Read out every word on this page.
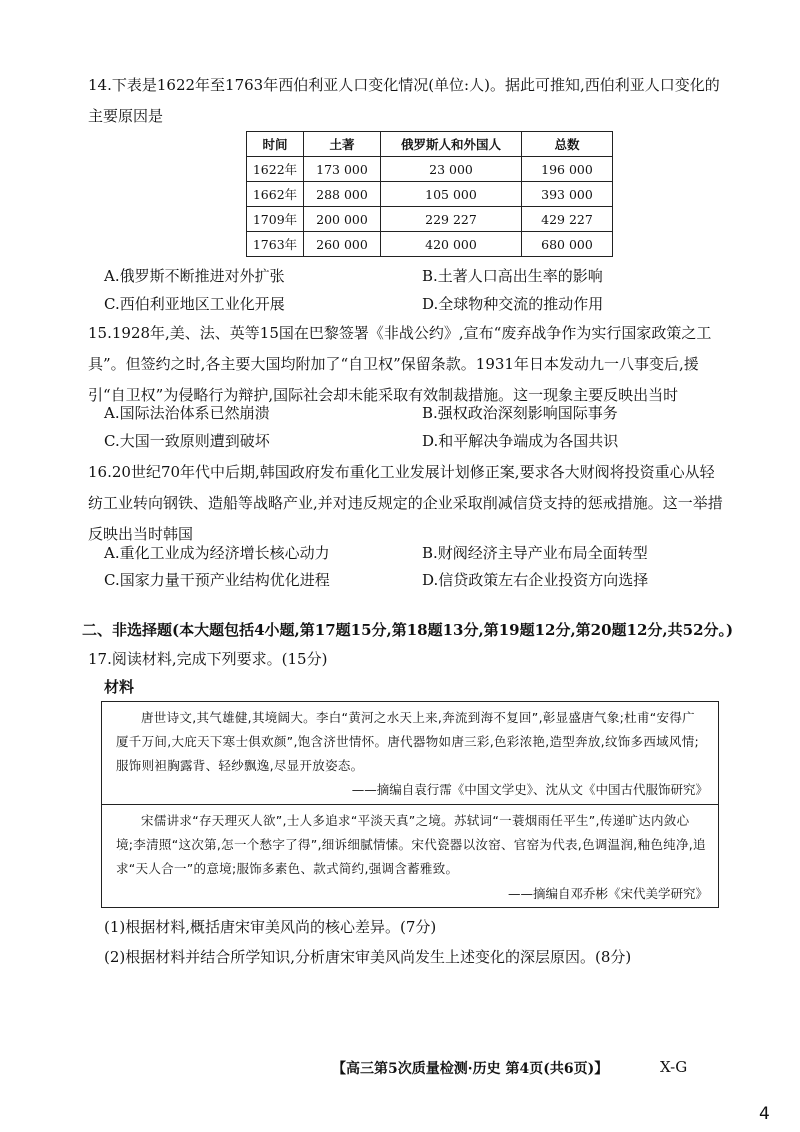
14.下表是1622年至1763年西伯利亚人口变化情况(单位:人)。据此可推知,西伯利亚人口变化的主要原因是

时间	土著	俄罗斯人和外国人	总数
1622年	173 000	23 000	196 000
1662年	288 000	105 000	393 000
1709年	200 000	229 227	429 227
1763年	260 000	420 000	680 000
A.俄罗斯不断推进对外扩张	B.土著人口高出生率的影响
C.西伯利亚地区工业化开展	D.全球物种交流的推动作用

15.1928年,美、法、英等15国在巴黎签署《非战公约》,宣布“废弃战争作为实行国家政策之工具”。但签约之时,各主要大国均附加了“自卫权”保留条款。1931年日本发动九一八事变后,援引“自卫权”为侵略行为辩护,国际社会却未能采取有效制裁措施。这一现象主要反映出当时

A.国际法治体系已然崩溃	B.强权政治深刻影响国际事务
C.大国一致原则遭到破坏	D.和平解决争端成为各国共识

16.20世纪70年代中后期,韩国政府发布重化工业发展计划修正案,要求各大财阀将投资重心从轻纺工业转向钢铁、造船等战略产业,并对违反规定的企业采取削减信贷支持的惩戒措施。这一举措反映出当时韩国

A.重化工业成为经济增长核心动力	B.财阀经济主导产业布局全面转型
C.国家力量干预产业结构优化进程	D.信贷政策左右企业投资方向选择

二、非选择题(本大题包括4小题,第17题15分,第18题13分,第19题12分,第20题12分,共52分。)

17.阅读材料,完成下列要求。(15分)

材料

唐世诗文,其气雄健,其境阔大。李白“黄河之水天上来,奔流到海不复回”,彰显盛唐气象;杜甫“安得广厦千万间,大庇天下寒士俱欢颜”,饱含济世情怀。唐代器物如唐三彩,色彩浓艳,造型奔放,纹饰多西域风情;服饰则袒胸露背、轻纱飘逸,尽显开放姿态。

——摘编自袁行霈《中国文学史》、沈从文《中国古代服饰研究》

宋儒讲求“存天理灭人欲”,士人多追求“平淡天真”之境。苏轼词“一蓑烟雨任平生”,传递旷达内敛心境;李清照“这次第,怎一个愁字了得”,细诉细腻情愫。宋代瓷器以汝窑、官窑为代表,色调温润,釉色纯净,追求“天人合一”的意境;服饰多素色、款式简约,强调含蓄雅致。

——摘编自邓乔彬《宋代美学研究》

(1)根据材料,概括唐宋审美风尚的核心差异。(7分)

(2)根据材料并结合所学知识,分析唐宋审美风尚发生上述变化的深层原因。(8分)

【高三第5次质量检测·历史 第4页(共6页)】	X-G

4
